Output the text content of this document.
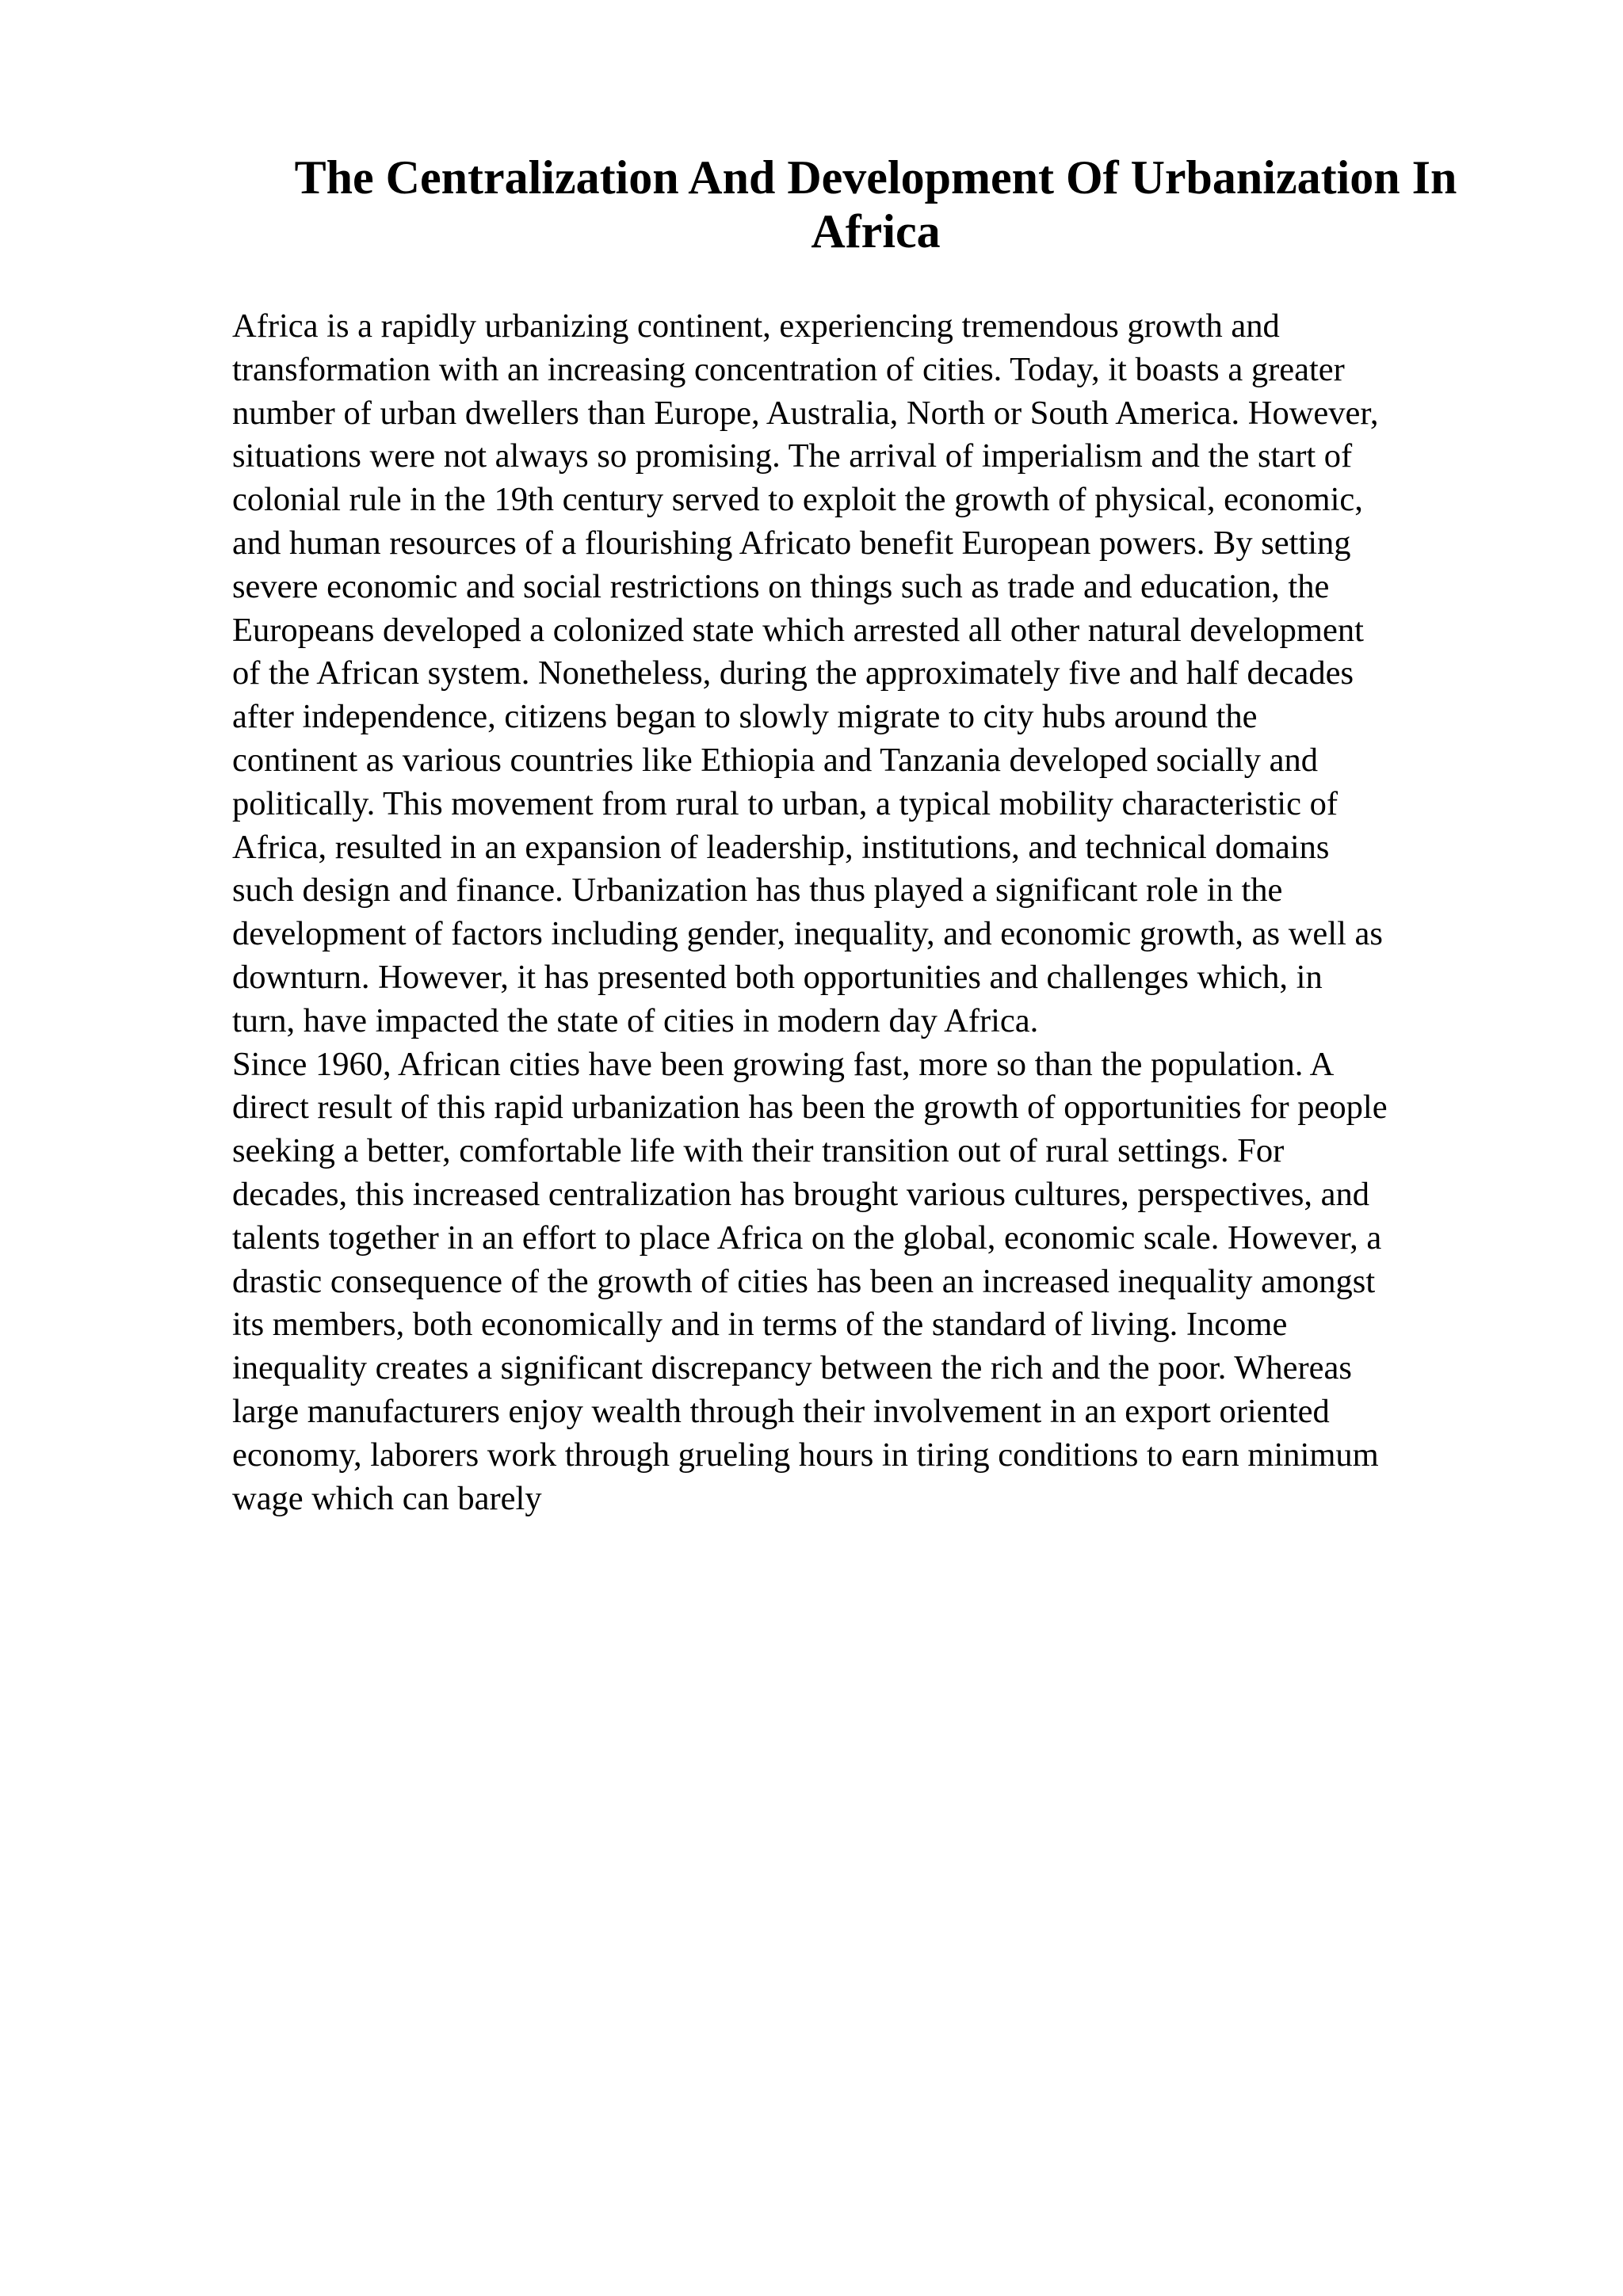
The Centralization And Development Of Urbanization In
Africa

Africa is a rapidly urbanizing continent, experiencing tremendous growth and

transformation with an increasing concentration of cities. Today, it boasts a greater

number of urban dwellers than Europe, Australia, North or South America. However,

situations were not always so promising. The arrival of imperialism and the start of

colonial rule in the 19th century served to exploit the growth of physical, economic,

and human resources of a flourishing Africato benefit European powers. By setting

severe economic and social restrictions on things such as trade and education, the

Europeans developed a colonized state which arrested all other natural development

of the African system. Nonetheless, during the approximately five and half decades

after independence, citizens began to slowly migrate to city hubs around the

continent as various countries like Ethiopia and Tanzania developed socially and

politically. This movement from rural to urban, a typical mobility characteristic of

Africa, resulted in an expansion of leadership, institutions, and technical domains

such design and finance. Urbanization has thus played a significant role in the

development of factors including gender, inequality, and economic growth, as well as

downturn. However, it has presented both opportunities and challenges which, in

turn, have impacted the state of cities in modern day Africa.

Since 1960, African cities have been growing fast, more so than the population. A

direct result of this rapid urbanization has been the growth of opportunities for people

seeking a better, comfortable life with their transition out of rural settings. For

decades, this increased centralization has brought various cultures, perspectives, and

talents together in an effort to place Africa on the global, economic scale. However, a

drastic consequence of the growth of cities has been an increased inequality amongst

its members, both economically and in terms of the standard of living. Income

inequality creates a significant discrepancy between the rich and the poor. Whereas

large manufacturers enjoy wealth through their involvement in an export oriented

economy, laborers work through grueling hours in tiring conditions to earn minimum

wage which can barely
